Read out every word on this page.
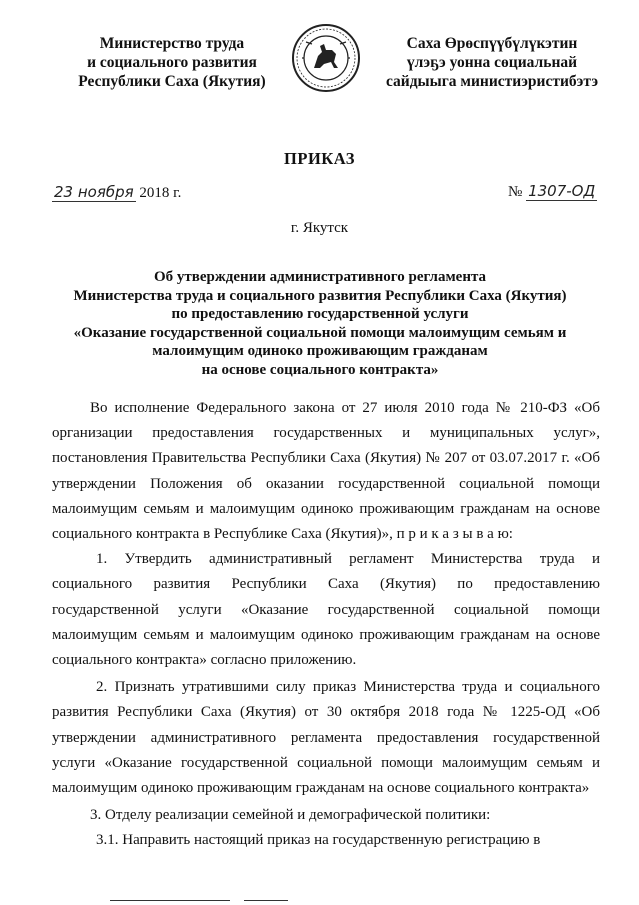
Министерство труда
и социального развития
Республики Саха (Якутия)
Саха Өрөспүүбүлүкэтин
үлэҕэ уонна сөциальнай
сайдыыга министиэристибэтэ
ПРИКАЗ
23 ноября 2018 г.	№ 1307-ОД
г. Якутск
Об утверждении административного регламента
Министерства труда и социального развития Республики Саха (Якутия)
по предоставлению государственной услуги
«Оказание государственной социальной помощи малоимущим семьям и
малоимущим одиноко проживающим гражданам
на основе социального контракта»

Во исполнение Федерального закона от 27 июля 2010 года № 210-ФЗ «Об организации предоставления государственных и муниципальных услуг», постановления Правительства Республики Саха (Якутия) № 207 от 03.07.2017 г. «Об утверждении Положения об оказании государственной социальной помощи малоимущим семьям и малоимущим одиноко проживающим гражданам на основе социального контракта в Республике Саха (Якутия)», п р и к а з ы в а ю:

1. Утвердить административный регламент Министерства труда и социального развития Республики Саха (Якутия) по предоставлению государственной услуги «Оказание государственной социальной помощи малоимущим семьям и малоимущим одиноко проживающим гражданам на основе социального контракта» согласно приложению.

2. Признать утратившими силу приказ Министерства труда и социального развития Республики Саха (Якутия) от 30 октября 2018 года № 1225-ОД «Об утверждении административного регламента предоставления государственной услуги «Оказание государственной социальной помощи малоимущим семьям и малоимущим одиноко проживающим гражданам на основе социального контракта»

3. Отделу реализации семейной и демографической политики:

3.1. Направить настоящий приказ на государственную регистрацию в
